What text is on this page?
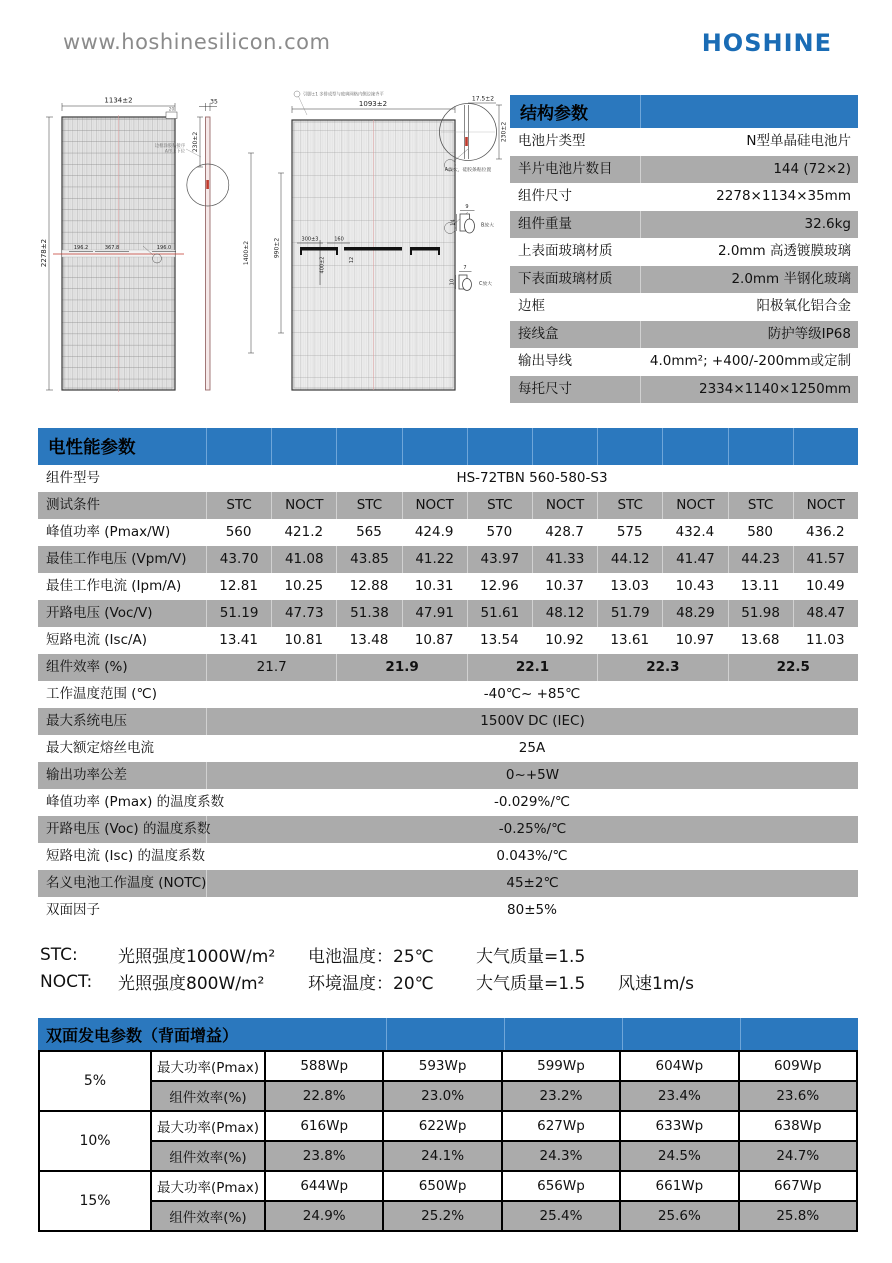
www.hoshinesilicon.com	HOSHINE
1134±2
20
2278±2	196.2	367.8	196.0
35
230±2
边框涂胶粘接序
A序上下位
1093±2
引脚±1 多排成型与玻璃网格内侧边缘齐平
1400±2	990±2
400±2
300±3	160
12
17.5±2
230±2
A放大，硅胶条粘位置
9
14
B放大
7
10	C放大
结构参数
电池片类型	N型单晶硅电池片
半片电池片数目	144 (72×2)
组件尺寸	2278×1134×35mm
组件重量	32.6kg
上表面玻璃材质	2.0mm 高透镀膜玻璃
下表面玻璃材质	2.0mm 半钢化玻璃
边框	阳极氧化铝合金
接线盒	防护等级IP68
输出导线	4.0mm²; +400/-200mm或定制
每托尺寸	2334×1140×1250mm
电性能参数
组件型号	HS-72TBN 560-580-S3
测试条件	STC	NOCT	STC	NOCT	STC	NOCT	STC	NOCT	STC	NOCT
峰值功率 (Pmax/W)	560	421.2	565	424.9	570	428.7	575	432.4	580	436.2
最佳工作电压 (Vpm/V)	43.70	41.08	43.85	41.22	43.97	41.33	44.12	41.47	44.23	41.57
最佳工作电流 (Ipm/A)	12.81	10.25	12.88	10.31	12.96	10.37	13.03	10.43	13.11	10.49
开路电压 (Voc/V)	51.19	47.73	51.38	47.91	51.61	48.12	51.79	48.29	51.98	48.47
短路电流 (Isc/A)	13.41	10.81	13.48	10.87	13.54	10.92	13.61	10.97	13.68	11.03
组件效率 (%)	21.7	21.9	22.1	22.3	22.5
工作温度范围 (℃)	-40℃~ +85℃
最大系统电压	1500V DC (IEC)
最大额定熔丝电流	25A
输出功率公差	0~+5W
峰值功率 (Pmax) 的温度系数	-0.029%/℃
开路电压 (Voc) 的温度系数	-0.25%/℃
短路电流 (Isc) 的温度系数	0.043%/℃
名义电池工作温度 (NOTC)	45±2℃
双面因子	80±5%
STC:	光照强度1000W/m²	电池温度：25℃	大气质量=1.5
NOCT:	光照强度800W/m²	环境温度：20℃	大气质量=1.5	风速1m/s
双面发电参数（背面增益）
5%	最大功率(Pmax)	588Wp	593Wp	599Wp	604Wp	609Wp
	组件效率(%)	22.8%	23.0%	23.2%	23.4%	23.6%
10%	最大功率(Pmax)	616Wp	622Wp	627Wp	633Wp	638Wp
	组件效率(%)	23.8%	24.1%	24.3%	24.5%	24.7%
15%	最大功率(Pmax)	644Wp	650Wp	656Wp	661Wp	667Wp
	组件效率(%)	24.9%	25.2%	25.4%	25.6%	25.8%
